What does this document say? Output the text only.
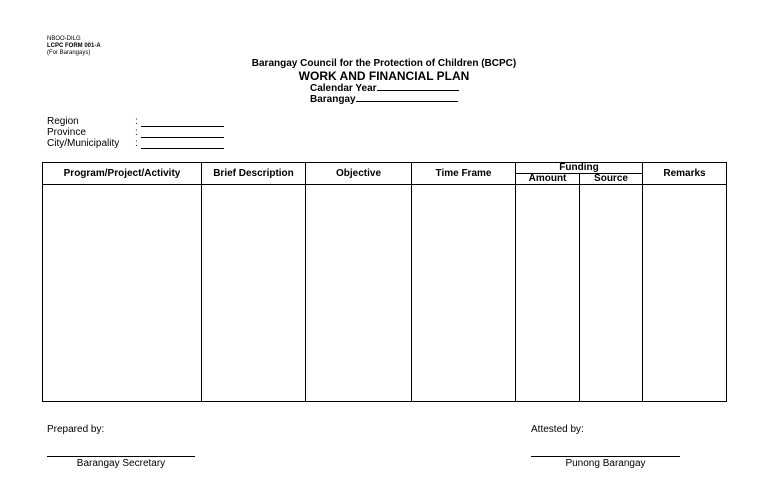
NBOO-DILG
LCPC FORM 001-A
(For Barangays)
Barangay Council for the Protection of Children (BCPC)
WORK AND FINANCIAL PLAN
Calendar Year
Barangay
Region
Province
City/Municipality
:
:
:
Program/Project/Activity	Brief Description	Objective	Time Frame	Funding		Remarks
				Amount	Source	

Prepared by:
Barangay Secretary
Attested by:
Punong Barangay
